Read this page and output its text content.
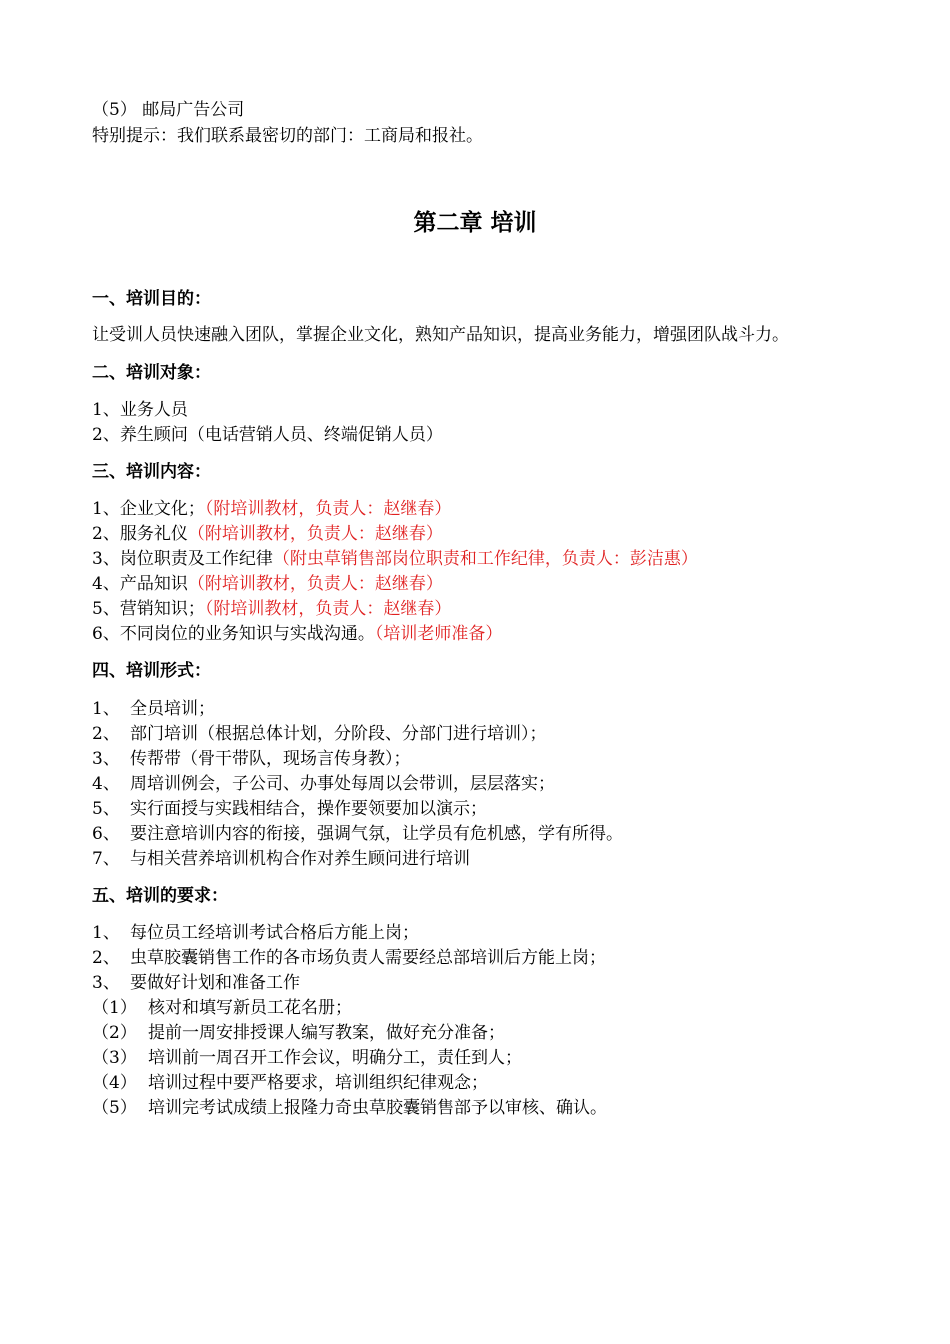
（5） 邮局广告公司
特别提示：我们联系最密切的部门：工商局和报社。
第二章 培训
一、培训目的：
让受训人员快速融入团队，掌握企业文化，熟知产品知识，提高业务能力，增强团队战斗力。
二、培训对象：
1、业务人员
2、养生顾问（电话营销人员、终端促销人员）
三、培训内容：
1、企业文化；（附培训教材，负责人：赵继春）
2、服务礼仪（附培训教材，负责人：赵继春）
3、岗位职责及工作纪律（附虫草销售部岗位职责和工作纪律，负责人：彭洁惠）
4、产品知识（附培训教材，负责人：赵继春）
5、营销知识；（附培训教材，负责人：赵继春）
6、不同岗位的业务知识与实战沟通。（培训老师准备）
四、培训形式：
1、 全员培训；
2、 部门培训（根据总体计划，分阶段、分部门进行培训）；
3、 传帮带（骨干带队，现场言传身教）；
4、 周培训例会，子公司、办事处每周以会带训，层层落实；
5、 实行面授与实践相结合，操作要领要加以演示；
6、 要注意培训内容的衔接，强调气氛，让学员有危机感，学有所得。
7、 与相关营养培训机构合作对养生顾问进行培训
五、培训的要求：
1、 每位员工经培训考试合格后方能上岗；
2、 虫草胶囊销售工作的各市场负责人需要经总部培训后方能上岗；
3、 要做好计划和准备工作
（1） 核对和填写新员工花名册；
（2） 提前一周安排授课人编写教案，做好充分准备；
（3） 培训前一周召开工作会议，明确分工，责任到人；
（4） 培训过程中要严格要求，培训组织纪律观念；
（5） 培训完考试成绩上报隆力奇虫草胶囊销售部予以审核、确认。
